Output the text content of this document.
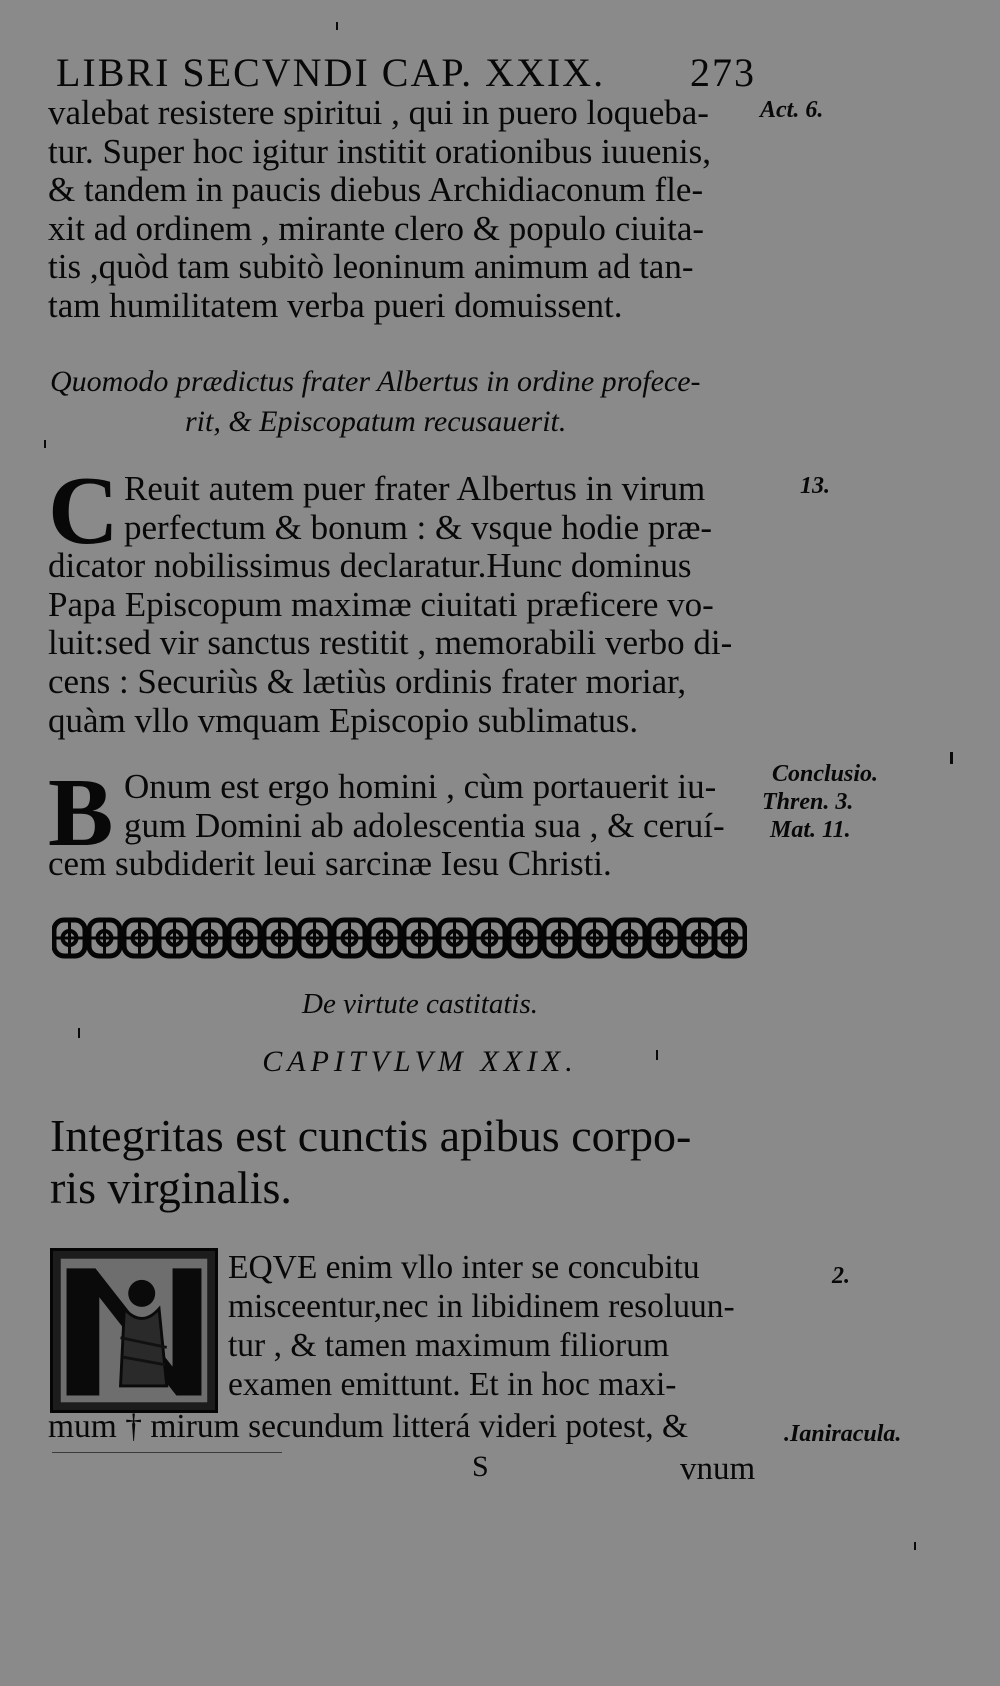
LIBRI SECVNDI CAP. XXIX. 273
valebat resistere spiritui , qui in puero loqueba-
tur. Super hoc igitur institit orationibus iuuenis,
& tandem in paucis diebus Archidiaconum fle-
xit ad ordinem , mirante clero & populo ciuita-
tis ,quòd tam subitò leoninum animum ad tan-
tam humilitatem verba pueri domuissent.
Quomodo prædictus frater Albertus in ordine profece-
rit, & Episcopatum recusauerit.
C Reuit autem puer frater Albertus in virum
perfectum & bonum : & vsque hodie præ-
dicator nobilissimus declaratur.Hunc dominus
Papa Episcopum maximæ ciuitati præficere vo-
luit:sed vir sanctus restitit , memorabili verbo di-
cens : Securiùs & lætiùs ordinis frater moriar,
quàm vllo vmquam Episcopio sublimatus.
B Onum est ergo homini , cùm portauerit iu-
gum Domini ab adolescentia sua , & ceruí-
cem subdiderit leui sarcinæ Iesu Christi.
De virtute castitatis.
CAPITVLVM XXIX.
Integritas est cunctis apibus corpo-
ris virginalis.
EQVE enim vllo inter se concubitu
misceentur,nec in libidinem resoluun-
tur , & tamen maximum filiorum
examen emittunt. Et in hoc maxi-
mum † mirum secundum litterá videri potest, &
S	vnum
Act. 6.
13.
Conclusio.
Thren. 3.
Mat. 11.
2.
.Ianiracula.
